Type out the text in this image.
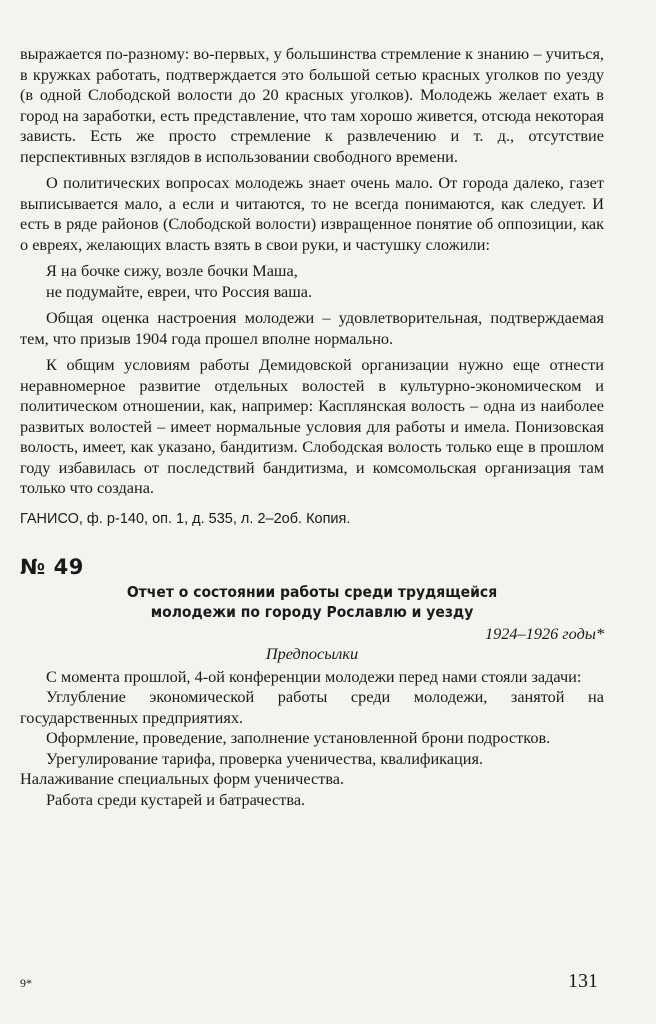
выражается по-разному: во-первых, у большинства стремление к знанию – учиться, в кружках работать, подтверждается это большой сетью красных уголков по уезду (в одной Слободской волости до 20 красных уголков). Молодежь желает ехать в город на заработки, есть представление, что там хорошо живется, отсюда некоторая зависть. Есть же просто стремление к развлечению и т. д., отсутствие перспективных взглядов в использовании свободного времени.

О политических вопросах молодежь знает очень мало. От города далеко, газет выписывается мало, а если и читаются, то не всегда понимаются, как следует. И есть в ряде районов (Слободской волости) извращенное понятие об оппозиции, как о евреях, желающих власть взять в свои руки, и частушку сложили:

Я на бочке сижу, возле бочки Маша,

не подумайте, евреи, что Россия ваша.

Общая оценка настроения молодежи – удовлетворительная, подтверждаемая тем, что призыв 1904 года прошел вполне нормально.

К общим условиям работы Демидовской организации нужно еще отнести неравномерное развитие отдельных волостей в культурно-экономическом и политическом отношении, как, например: Касплянская волость – одна из наиболее развитых волостей – имеет нормальные условия для работы и имела. Понизовская волость, имеет, как указано, бандитизм. Слободская волость только еще в прошлом году избавилась от последствий бандитизма, и комсомольская организация там только что создана.

ГАНИСО, ф. р-140, оп. 1, д. 535, л. 2–2об. Копия.

№ 49

Отчет о состоянии работы среди трудящейся молодежи по городу Рославлю и уезду

1924–1926 годы*

Предпосылки

С момента прошлой, 4-ой конференции молодежи перед нами стояли задачи:

Углубление экономической работы среди молодежи, занятой на государственных предприятиях.

Оформление, проведение, заполнение установленной брони подростков.

Урегулирование тарифа, проверка ученичества, квалификация.

Налаживание специальных форм ученичества.

Работа среди кустарей и батрачества.

9*	131
